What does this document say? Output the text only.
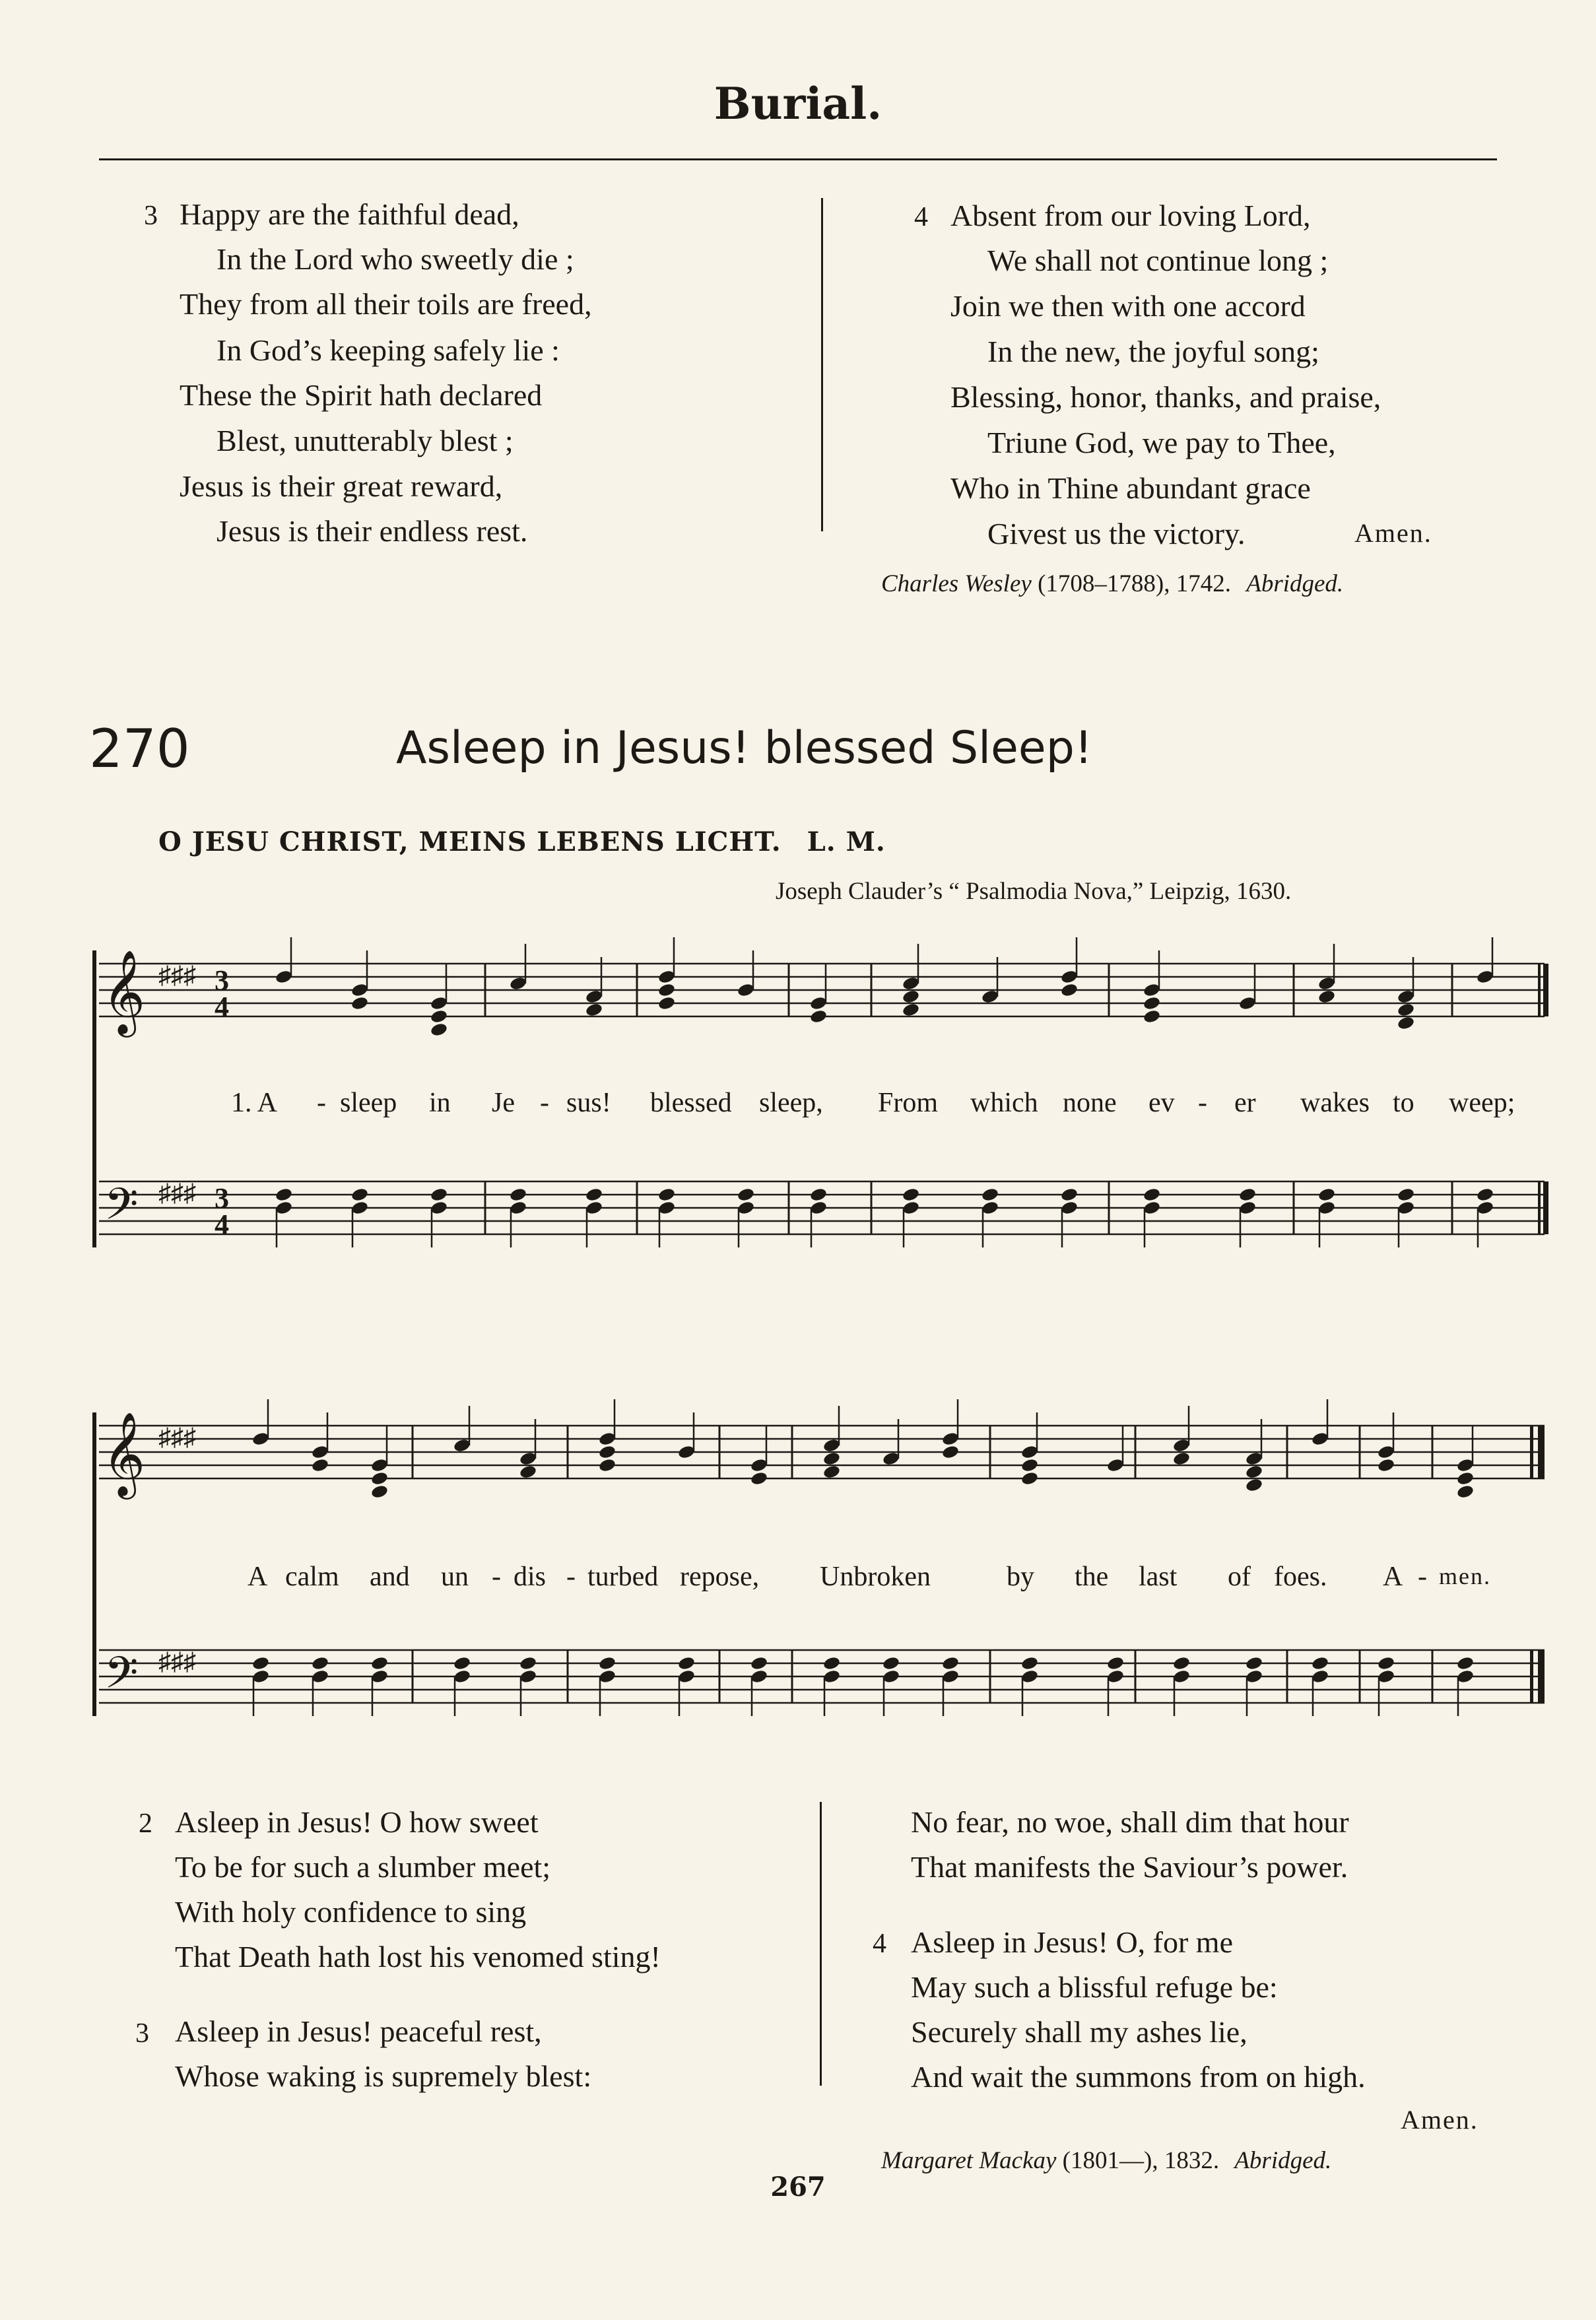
Burial.
3 Happy are the faithful dead,
In the Lord who sweetly die ;
They from all their toils are freed,
In God’s keeping safely lie :
These the Spirit hath declared
Blest, unutterably blest ;
Jesus is their great reward,
Jesus is their endless rest.
4 Absent from our loving Lord,
We shall not continue long ;
Join we then with one accord
In the new, the joyful song;
Blessing, honor, thanks, and praise,
Triune God, we pay to Thee,
Who in Thine abundant grace
Givest us the victory.	Amen.
Charles Wesley (1708–1788), 1742. Abridged.
270	Asleep in Jesus! blessed Sleep!
O JESU CHRIST, MEINS LEBENS LICHT. L. M.
Joseph Clauder’s “ Psalmodia Nova,” Leipzig, 1630.
𝄞
𝄢
♯♯♯
♯♯♯
3
4
3
4
1. A - sleep in Je - sus! blessed sleep, From which none ev - er wakes to weep;
𝄞
𝄢
♯♯♯
♯♯♯
A calm and un - dis - turbed repose, Unbroken	by the last of foes. A - men.
2 Asleep in Jesus! O how sweet
To be for such a slumber meet;
With holy confidence to sing
That Death hath lost his venomed sting!
3 Asleep in Jesus! peaceful rest,
Whose waking is supremely blest:
No fear, no woe, shall dim that hour
That manifests the Saviour’s power.
4 Asleep in Jesus! O, for me
May such a blissful refuge be:
Securely shall my ashes lie,
And wait the summons from on high.
Amen.
Margaret Mackay (1801—), 1832. Abridged.
267
